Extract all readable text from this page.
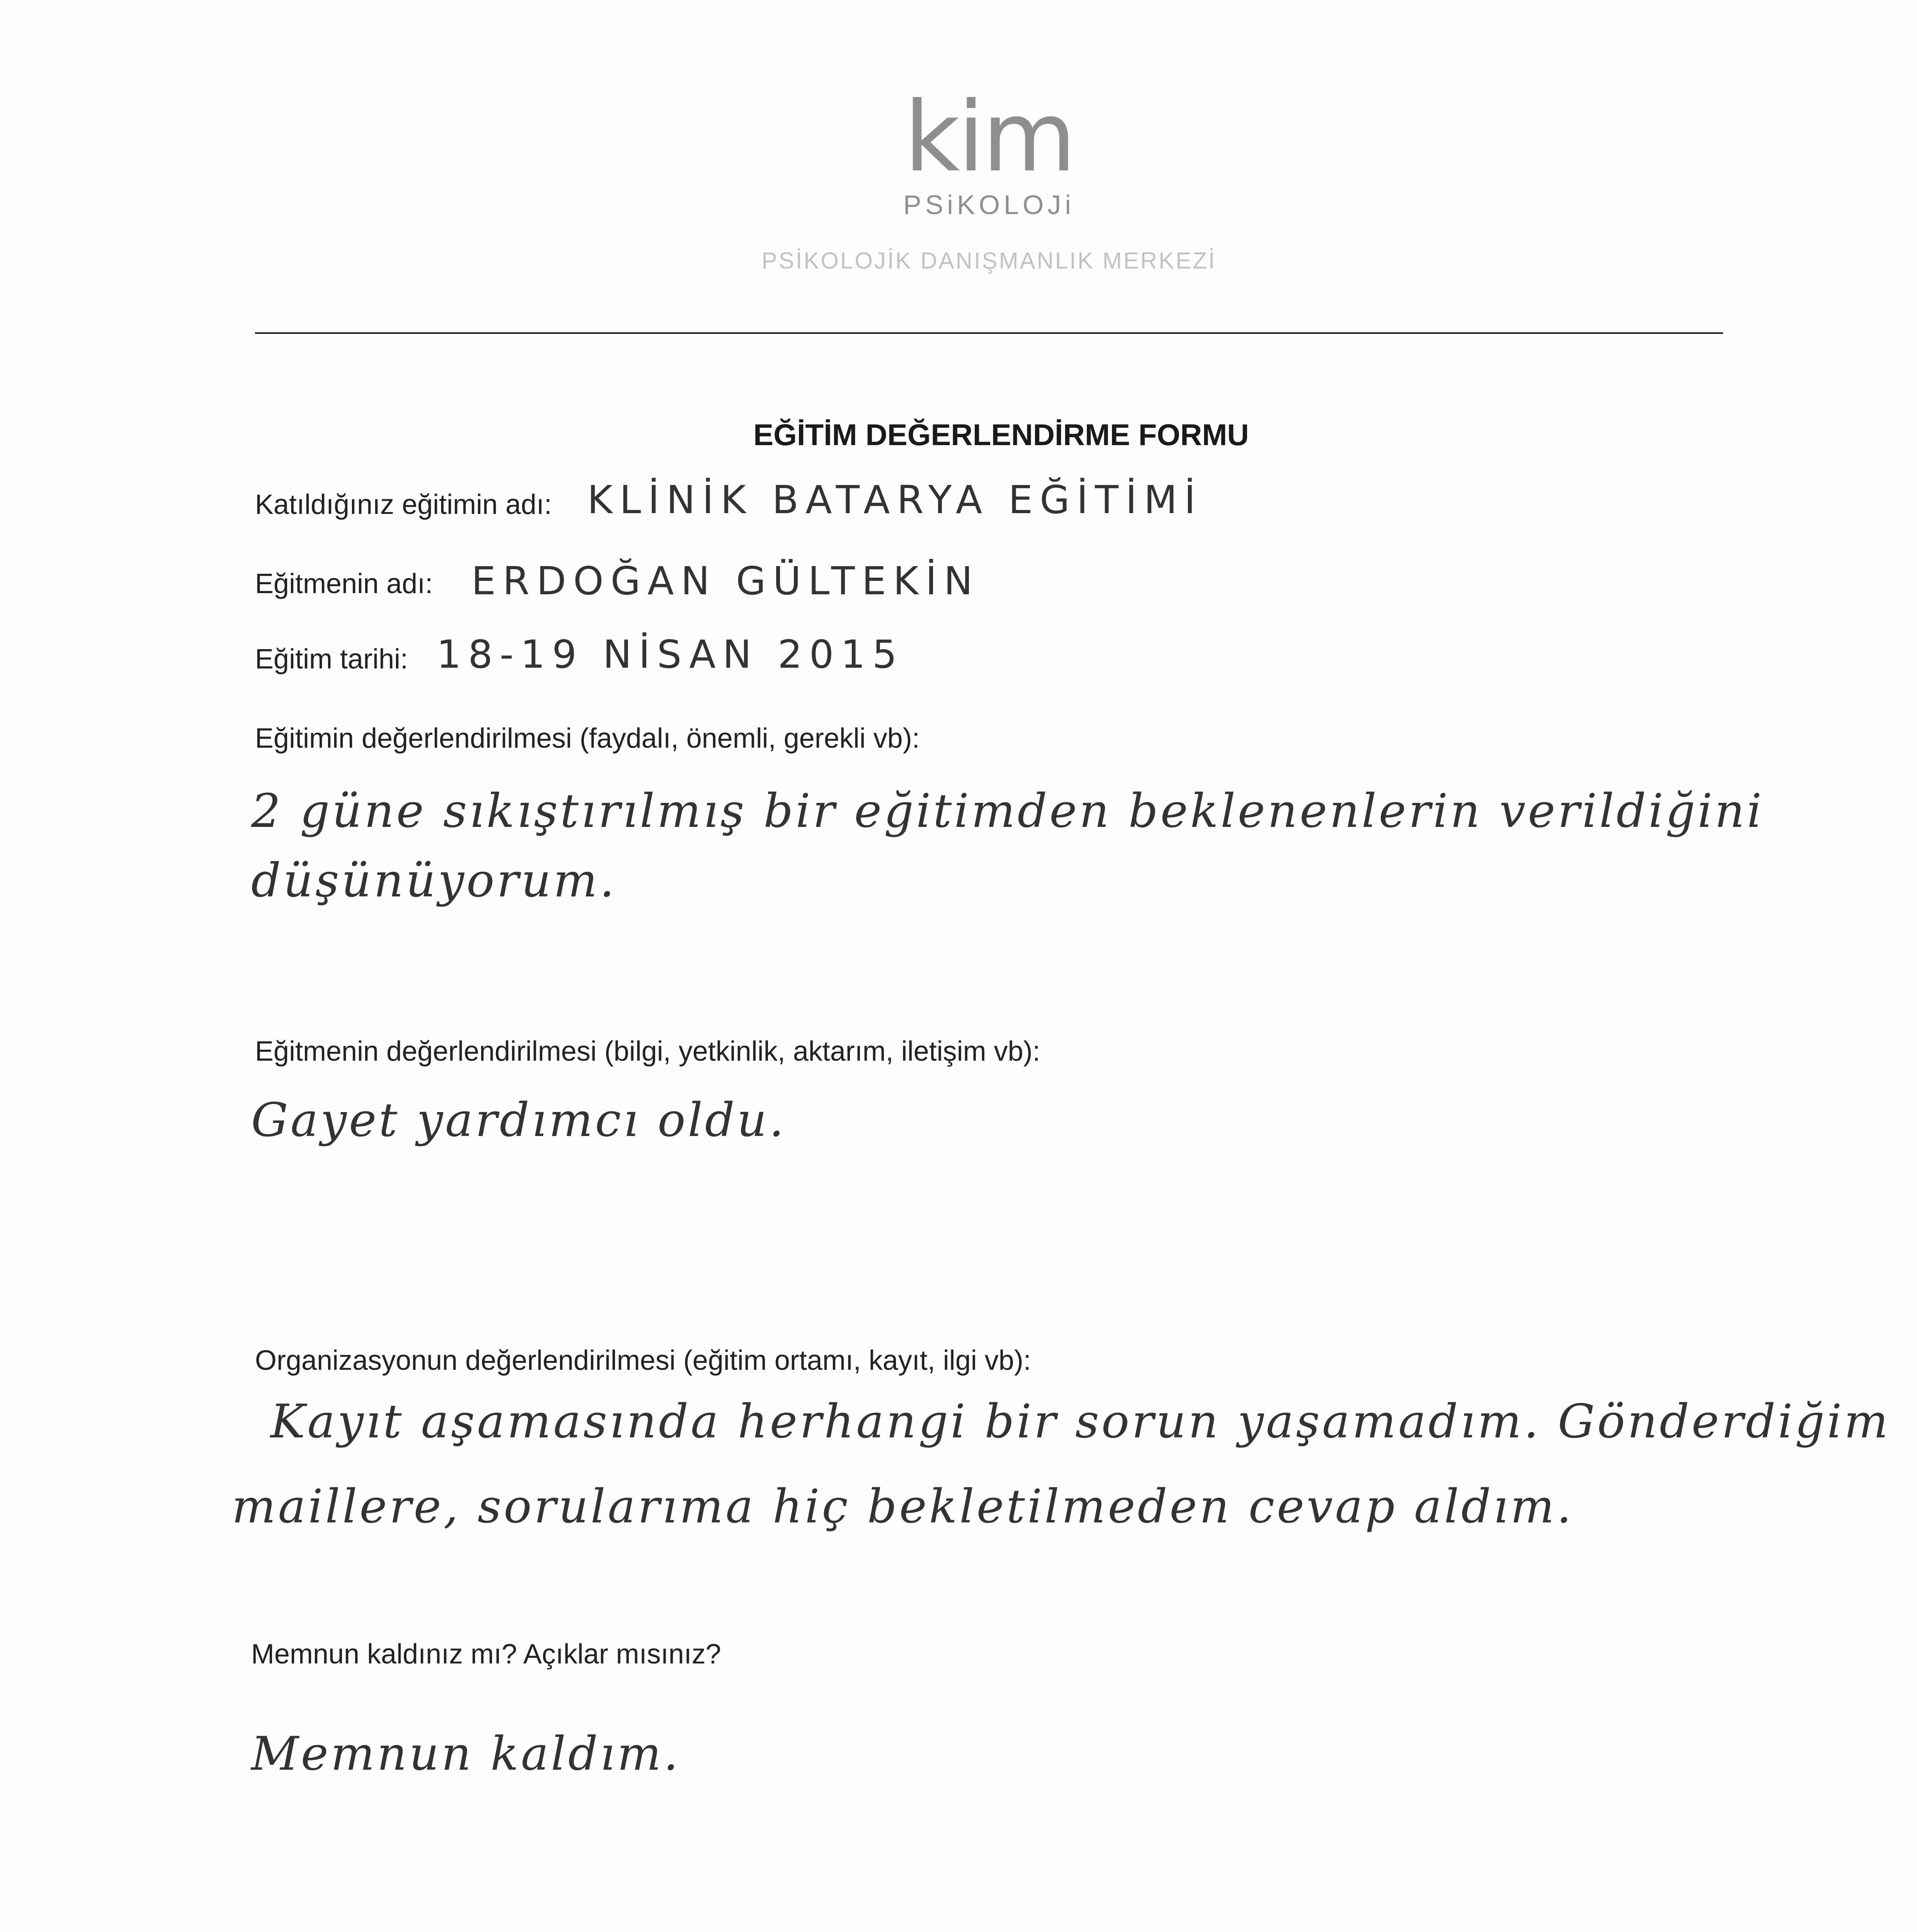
kim
PSiKOLOJi
PSİKOLOJİK DANIŞMANLIK MERKEZİ
EĞİTİM DEĞERLENDİRME FORMU
Katıldığınız eğitimin adı: KLİNİK BATARYA EĞİTİMİ
Eğitmenin adı: ERDOĞAN GÜLTEKİN
Eğitim tarihi: 18-19 NİSAN 2015
Eğitimin değerlendirilmesi (faydalı, önemli, gerekli vb):
2 güne sıkıştırılmış bir eğitimden beklenenlerin verildiğini
düşünüyorum.
Eğitmenin değerlendirilmesi (bilgi, yetkinlik, aktarım, iletişim vb):
Gayet yardımcı oldu.
Organizasyonun değerlendirilmesi (eğitim ortamı, kayıt, ilgi vb):
Kayıt aşamasında herhangi bir sorun yaşamadım. Gönderdiğim
maillere, sorularıma hiç bekletilmeden cevap aldım.
Memnun kaldınız mı? Açıklar mısınız?
Memnun kaldım.
